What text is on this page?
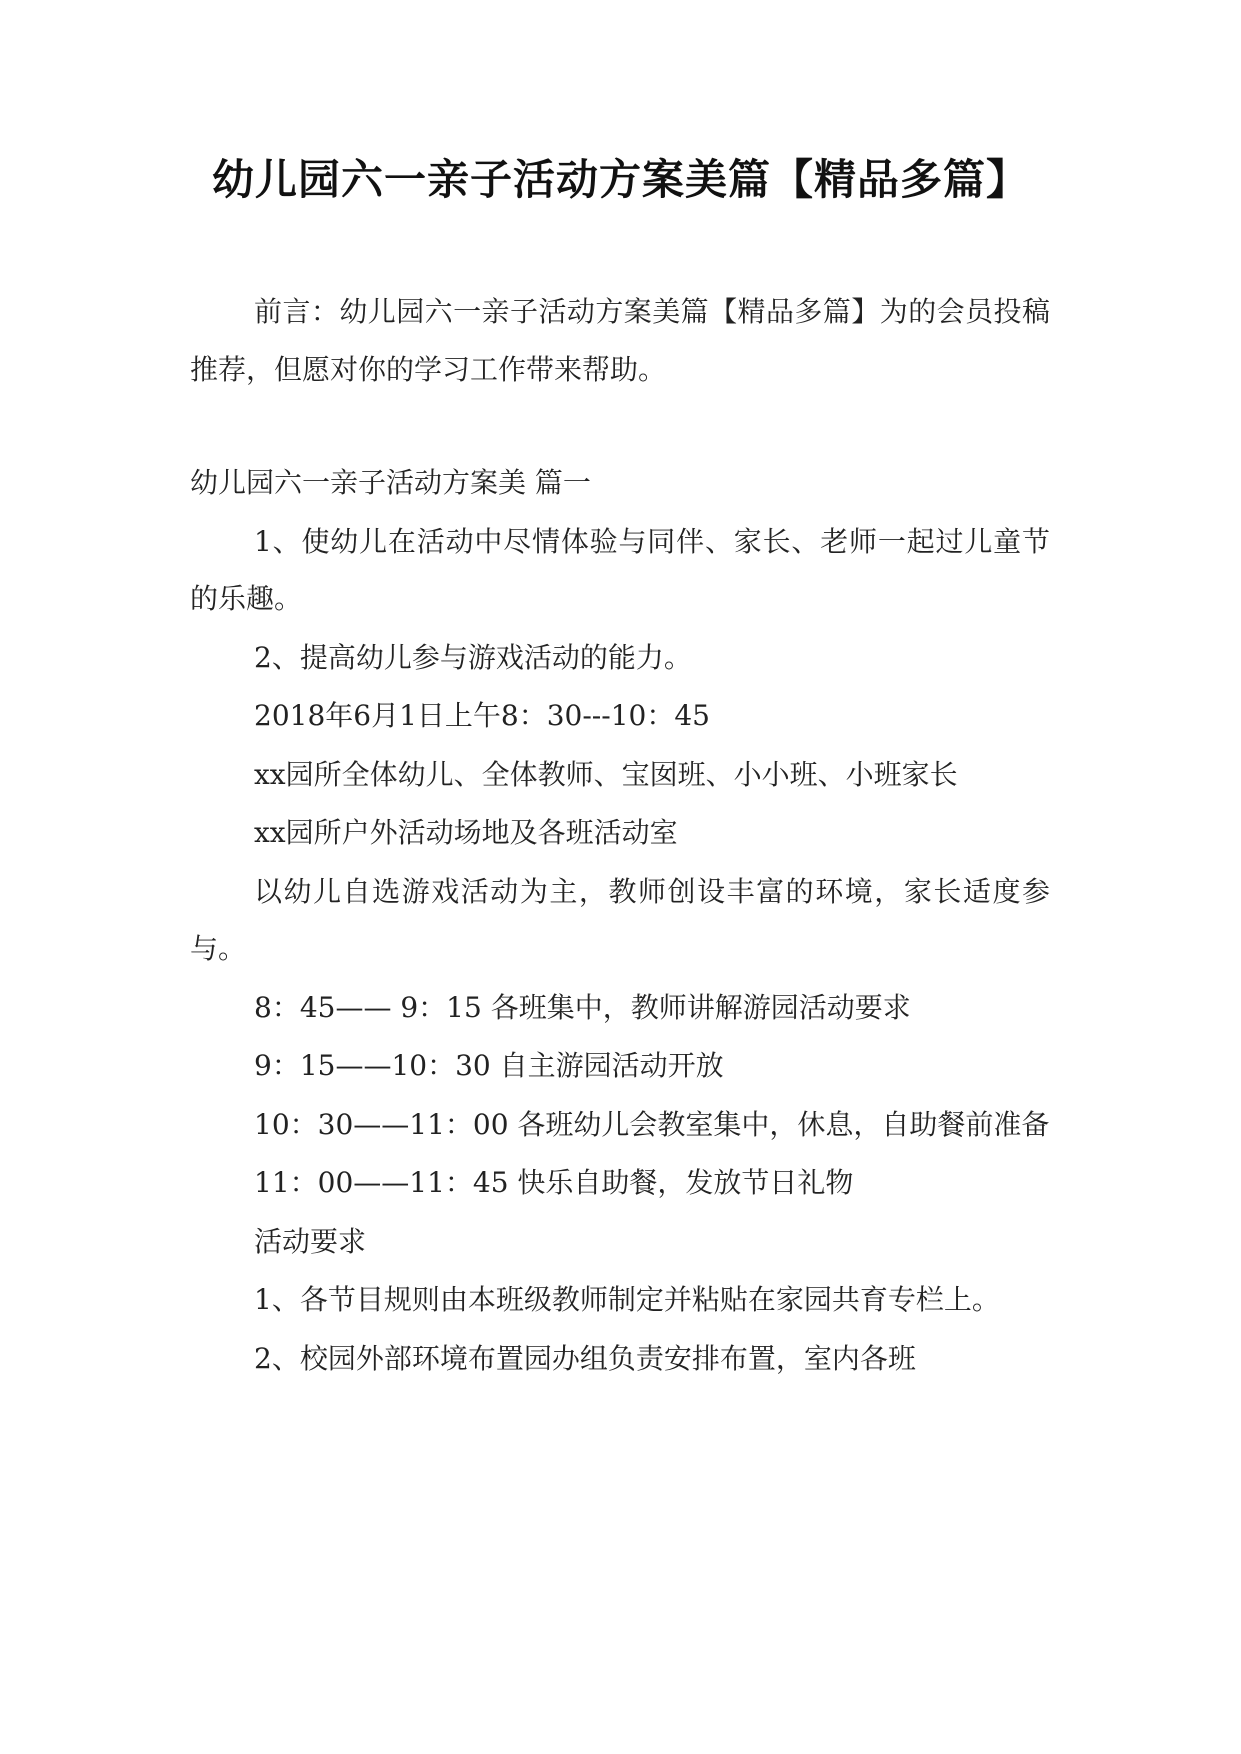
幼儿园六一亲子活动方案美篇【精品多篇】

前言：幼儿园六一亲子活动方案美篇【精品多篇】为的会员投稿推荐，但愿对你的学习工作带来帮助。

幼儿园六一亲子活动方案美 篇一

1、使幼儿在活动中尽情体验与同伴、家长、老师一起过儿童节的乐趣。

2、提高幼儿参与游戏活动的能力。

2018年6月1日上午8：30---10：45

xx园所全体幼儿、全体教师、宝囡班、小小班、小班家长

xx园所户外活动场地及各班活动室

以幼儿自选游戏活动为主，教师创设丰富的环境，家长适度参与。

8：45—— 9：15 各班集中，教师讲解游园活动要求

9：15——10：30 自主游园活动开放

10：30——11：00 各班幼儿会教室集中，休息，自助餐前准备

11：00——11：45 快乐自助餐，发放节日礼物

活动要求

1、各节目规则由本班级教师制定并粘贴在家园共育专栏上。

2、校园外部环境布置园办组负责安排布置，室内各班
